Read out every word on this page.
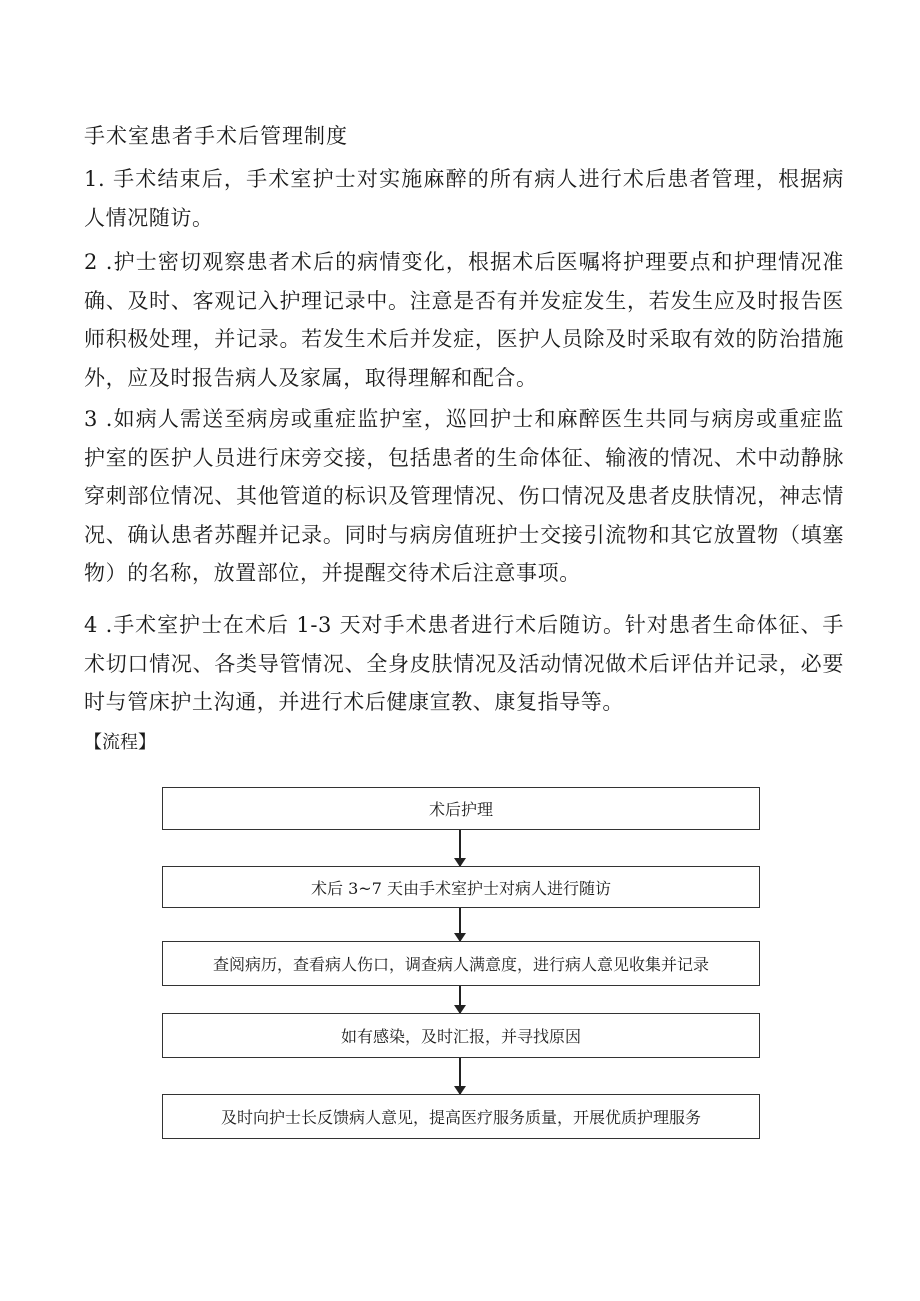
手术室患者手术后管理制度

1. 手术结束后，手术室护士对实施麻醉的所有病人进行术后患者管理，根据病人情况随访。

2 .护士密切观察患者术后的病情变化，根据术后医嘱将护理要点和护理情况准确、及时、客观记入护理记录中。注意是否有并发症发生，若发生应及时报告医师积极处理，并记录。若发生术后并发症，医护人员除及时采取有效的防治措施外，应及时报告病人及家属，取得理解和配合。

3 .如病人需送至病房或重症监护室，巡回护士和麻醉医生共同与病房或重症监护室的医护人员进行床旁交接，包括患者的生命体征、输液的情况、术中动静脉穿刺部位情况、其他管道的标识及管理情况、伤口情况及患者皮肤情况，神志情况、确认患者苏醒并记录。同时与病房值班护士交接引流物和其它放置物（填塞物）的名称，放置部位，并提醒交待术后注意事项。

4 .手术室护士在术后 1-3 天对手术患者进行术后随访。针对患者生命体征、手术切口情况、各类导管情况、全身皮肤情况及活动情况做术后评估并记录，必要时与管床护土沟通，并进行术后健康宣教、康复指导等。

【流程】

术后护理
术后 3~7 天由手术室护士对病人进行随访
查阅病历，查看病人伤口，调查病人满意度，进行病人意见收集并记录
如有感染，及时汇报，并寻找原因
及时向护士长反馈病人意见，提高医疗服务质量，开展优质护理服务
